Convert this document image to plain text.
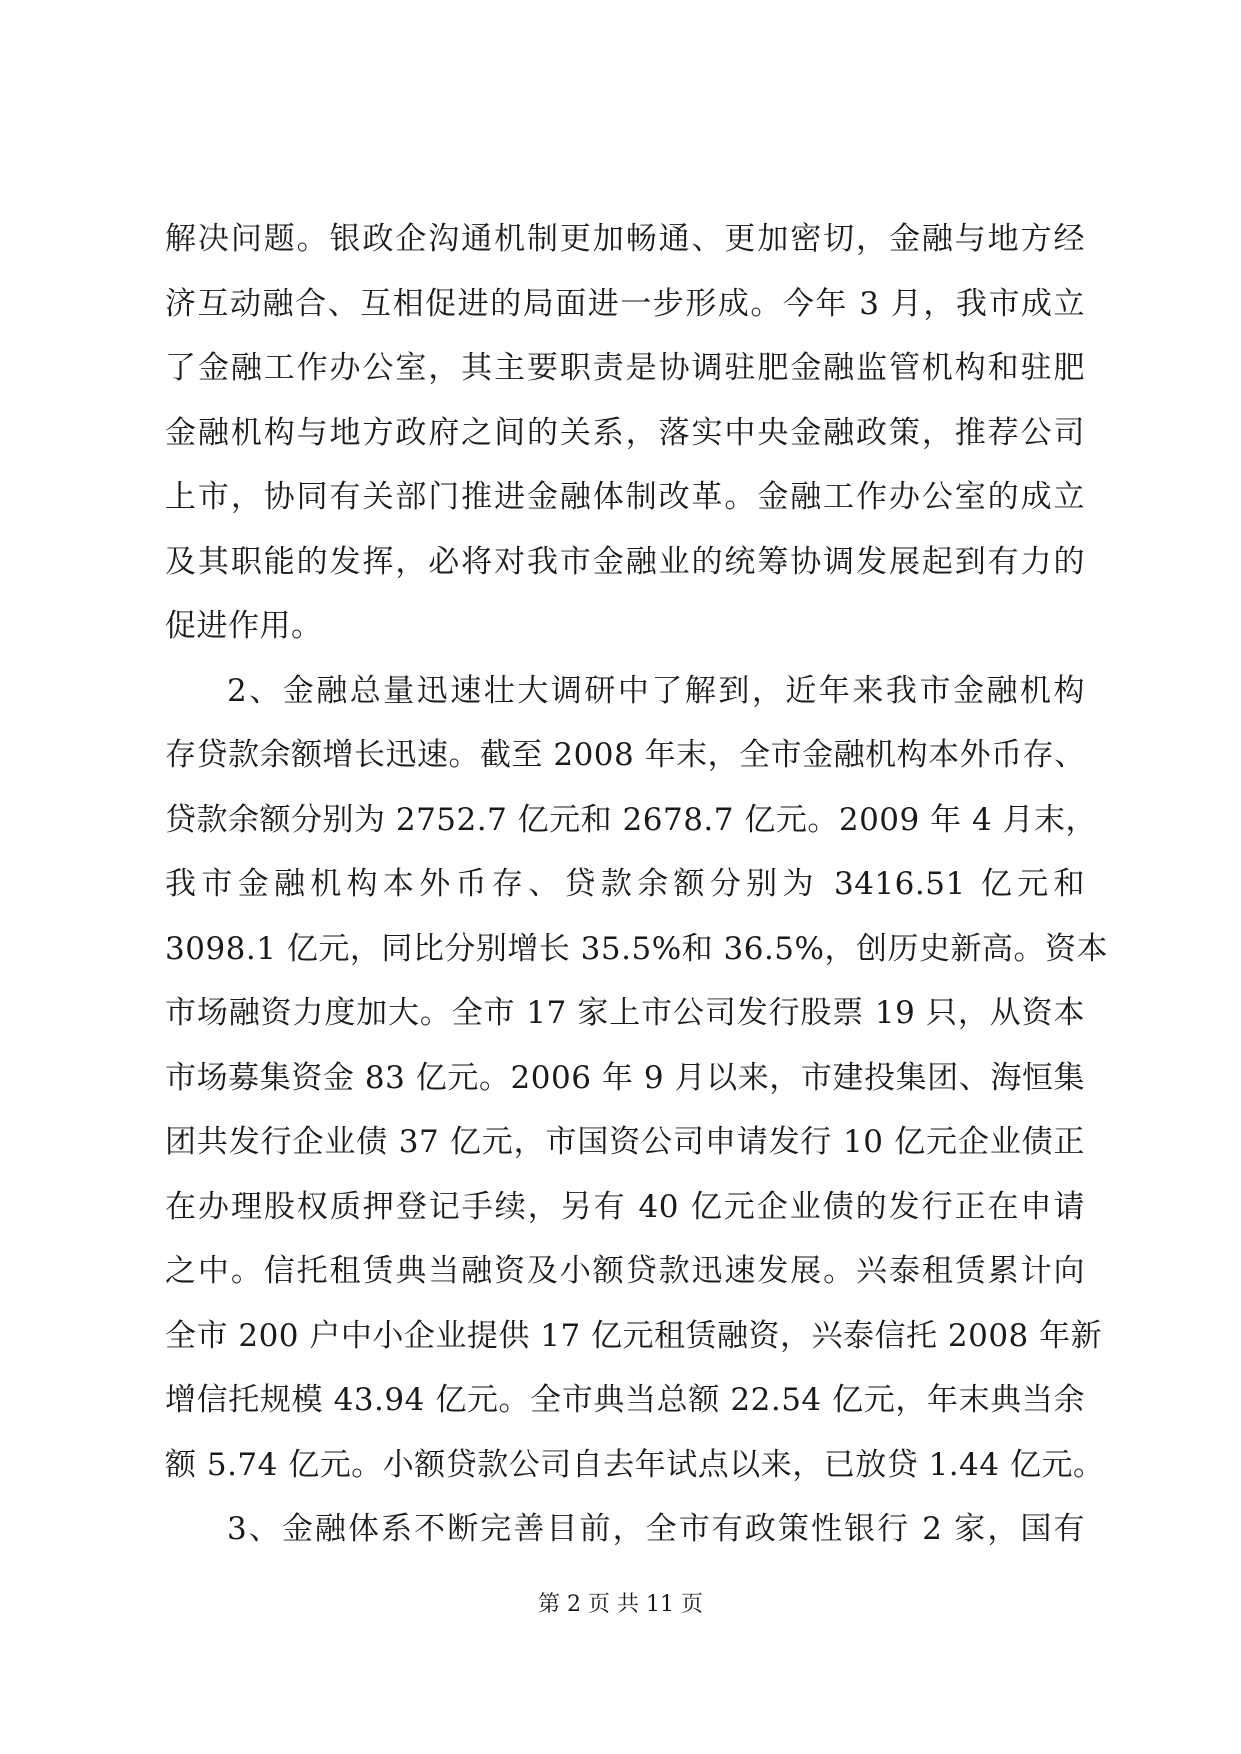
解决问题。银政企沟通机制更加畅通、更加密切，金融与地方经
济互动融合、互相促进的局面进一步形成。今年 3 月，我市成立
了金融工作办公室，其主要职责是协调驻肥金融监管机构和驻肥
金融机构与地方政府之间的关系，落实中央金融政策，推荐公司
上市，协同有关部门推进金融体制改革。金融工作办公室的成立
及其职能的发挥，必将对我市金融业的统筹协调发展起到有力的
促进作用。

2、金融总量迅速壮大调研中了解到，近年来我市金融机构
存贷款余额增长迅速。截至 2008 年末，全市金融机构本外币存、
贷款余额分别为 2752.7 亿元和 2678.7 亿元。2009 年 4 月末，
我市金融机构本外币存、贷款余额分别为 3416.51 亿元和
3098.1 亿元，同比分别增长 35.5%和 36.5%，创历史新高。资本
市场融资力度加大。全市 17 家上市公司发行股票 19 只，从资本
市场募集资金 83 亿元。2006 年 9 月以来，市建投集团、海恒集
团共发行企业债 37 亿元，市国资公司申请发行 10 亿元企业债正
在办理股权质押登记手续，另有 40 亿元企业债的发行正在申请
之中。信托租赁典当融资及小额贷款迅速发展。兴泰租赁累计向
全市 200 户中小企业提供 17 亿元租赁融资，兴泰信托 2008 年新
增信托规模 43.94 亿元。全市典当总额 22.54 亿元，年末典当余
额 5.74 亿元。小额贷款公司自去年试点以来，已放贷 1.44 亿元。

3、金融体系不断完善目前，全市有政策性银行 2 家，国有

第 2 页 共 11 页
